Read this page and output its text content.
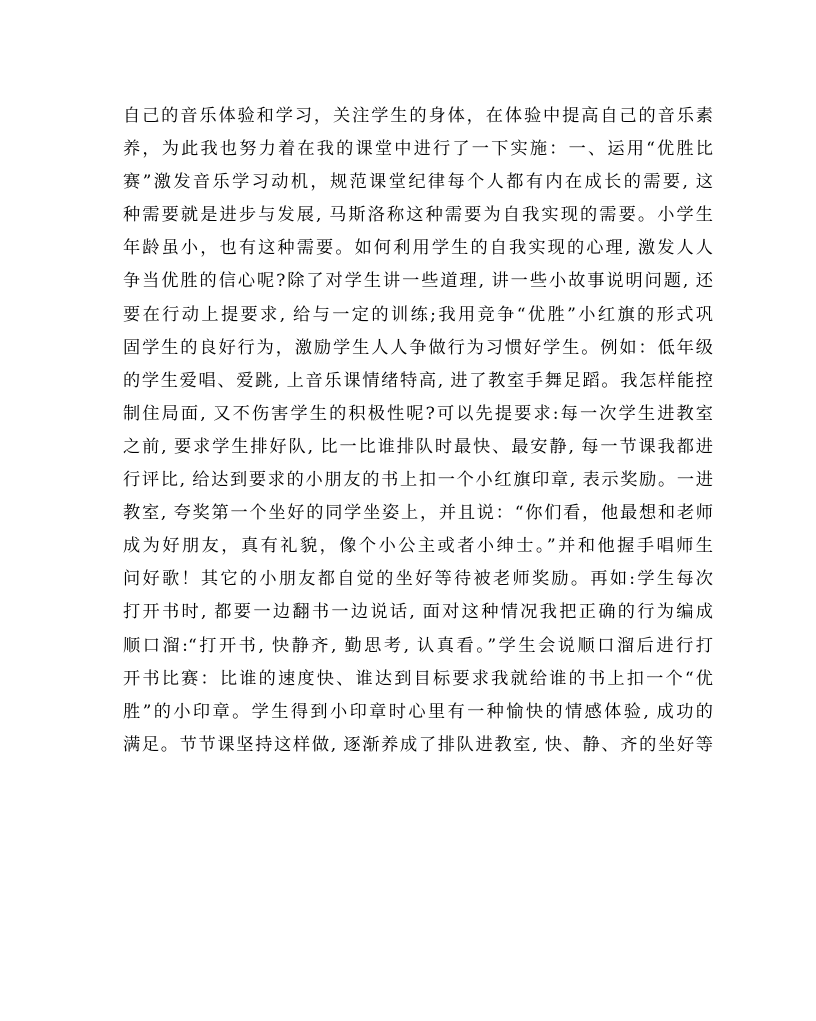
自己的音乐体验和学习，关注学生的身体，在体验中提高自己的音乐素
养，为此我也努力着在我的课堂中进行了一下实施：一、运用“优胜比
赛”激发音乐学习动机，规范课堂纪律每个人都有内在成长的需要, 这
种需要就是进步与发展, 马斯洛称这种需要为自我实现的需要。小学生
年龄虽小，也有这种需要。如何利用学生的自我实现的心理, 激发人人
争当优胜的信心呢?除了对学生讲一些道理, 讲一些小故事说明问题, 还
要在行动上提要求, 给与一定的训练;我用竞争“优胜”小红旗的形式巩
固学生的良好行为，激励学生人人争做行为习惯好学生。例如：低年级
的学生爱唱、爱跳, 上音乐课情绪特高, 进了教室手舞足蹈。我怎样能控
制住局面, 又不伤害学生的积极性呢?可以先提要求:每一次学生进教室
之前, 要求学生排好队, 比一比谁排队时最快、最安静, 每一节课我都进
行评比, 给达到要求的小朋友的书上扣一个小红旗印章, 表示奖励。一进
教室, 夸奖第一个坐好的同学坐姿上，并且说：“你们看，他最想和老师
成为好朋友，真有礼貌，像个小公主或者小绅士。”并和他握手唱师生
问好歌！其它的小朋友都自觉的坐好等待被老师奖励。再如:学生每次
打开书时, 都要一边翻书一边说话, 面对这种情况我把正确的行为编成
顺口溜:“打开书, 快静齐, 勤思考, 认真看。”学生会说顺口溜后进行打
开书比赛：比谁的速度快、谁达到目标要求我就给谁的书上扣一个“优
胜”的小印章。学生得到小印章时心里有一种愉快的情感体验, 成功的
满足。节节课坚持这样做, 逐渐养成了排队进教室, 快、静、齐的坐好等
